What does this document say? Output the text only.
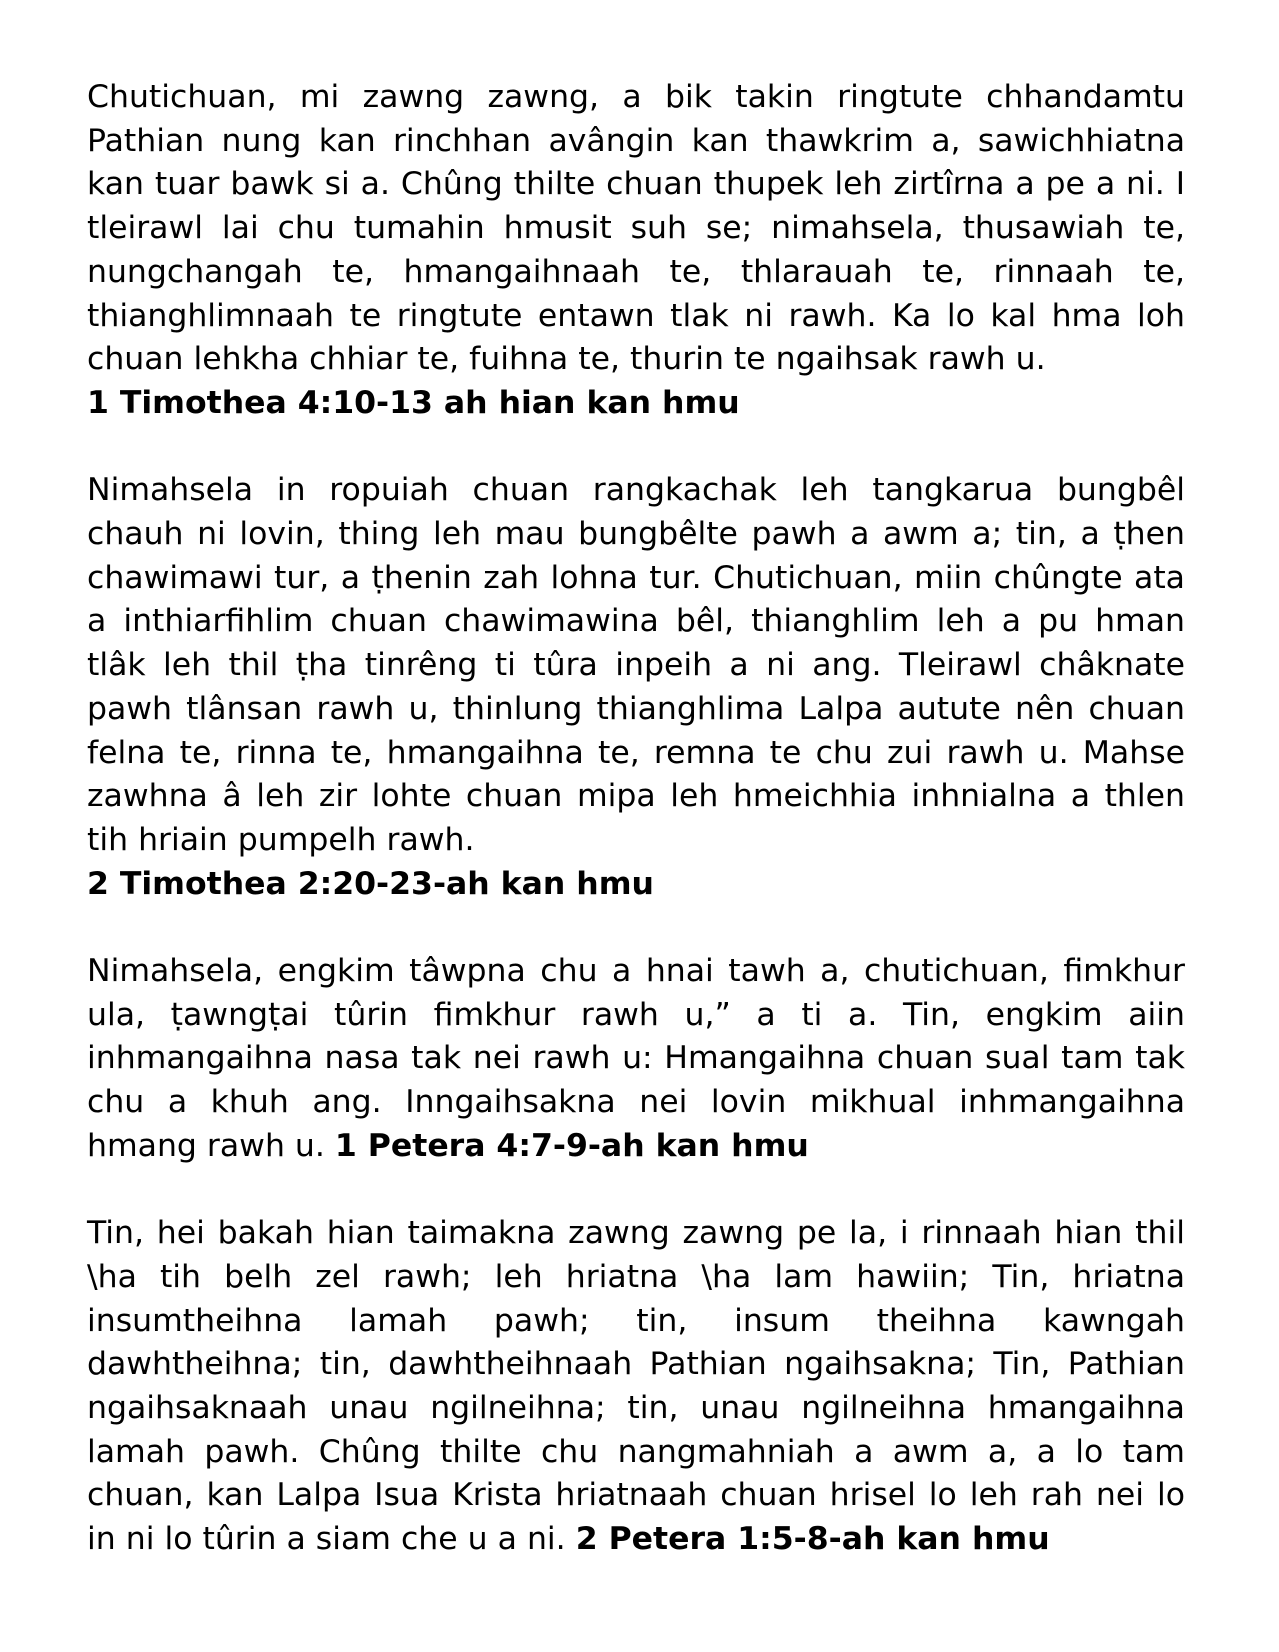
Chutichuan, mi zawng zawng, a bik takin ringtute chhandamtu Pathian nung kan rinchhan avângin kan thawkrim a, sawichhiatna kan tuar bawk si a. Chûng thilte chuan thupek leh zirtîrna a pe a ni. I tleirawl lai chu tumahin hmusit suh se; nimahsela, thusawiah te, nungchangah te, hmangaihnaah te, thlarauah te, rinnaah te, thianghlimnaah te ringtute entawn tlak ni rawh. Ka lo kal hma loh chuan lehkha chhiar te, fuihna te, thurin te ngaihsak rawh u.
1 Timothea 4:10-13 ah hian kan hmu

Nimahsela in ropuiah chuan rangkachak leh tangkarua bungbêl chauh ni lovin, thing leh mau bungbêlte pawh a awm a; tin, a ṭhen chawimawi tur, a ṭhenin zah lohna tur. Chutichuan, miin chûngte ata a inthiarfihlim chuan chawimawina bêl, thianghlim leh a pu hman tlâk leh thil ṭha tinrêng ti tûra inpeih a ni ang. Tleirawl châknate pawh tlânsan rawh u, thinlung thianghlima Lalpa autute nên chuan felna te, rinna te, hmangaihna te, remna te chu zui rawh u. Mahse zawhna â leh zir lohte chuan mipa leh hmeichhia inhnialna a thlen tih hriain pumpelh rawh.
2 Timothea 2:20-23-ah kan hmu

Nimahsela, engkim tâwpna chu a hnai tawh a, chutichuan, fimkhur ula, ṭawngṭai tûrin fimkhur rawh u,” a ti a. Tin, engkim aiin inhmangaihna nasa tak nei rawh u: Hmangaihna chuan sual tam tak chu a khuh ang. Inngaihsakna nei lovin mikhual inhmangaihna hmang rawh u. 1 Petera 4:7-9-ah kan hmu

Tin, hei bakah hian taimakna zawng zawng pe la, i rinnaah hian thil \ha tih belh zel rawh; leh hriatna \ha lam hawiin; Tin, hriatna insumtheihna lamah pawh; tin, insum theihna kawngah dawhtheihna; tin, dawhtheihnaah Pathian ngaihsakna; Tin, Pathian ngaihsaknaah unau ngilneihna; tin, unau ngilneihna hmangaihna lamah pawh. Chûng thilte chu nangmahniah a awm a, a lo tam chuan, kan Lalpa Isua Krista hriatnaah chuan hrisel lo leh rah nei lo in ni lo tûrin a siam che u a ni. 2 Petera 1:5-8-ah kan hmu
